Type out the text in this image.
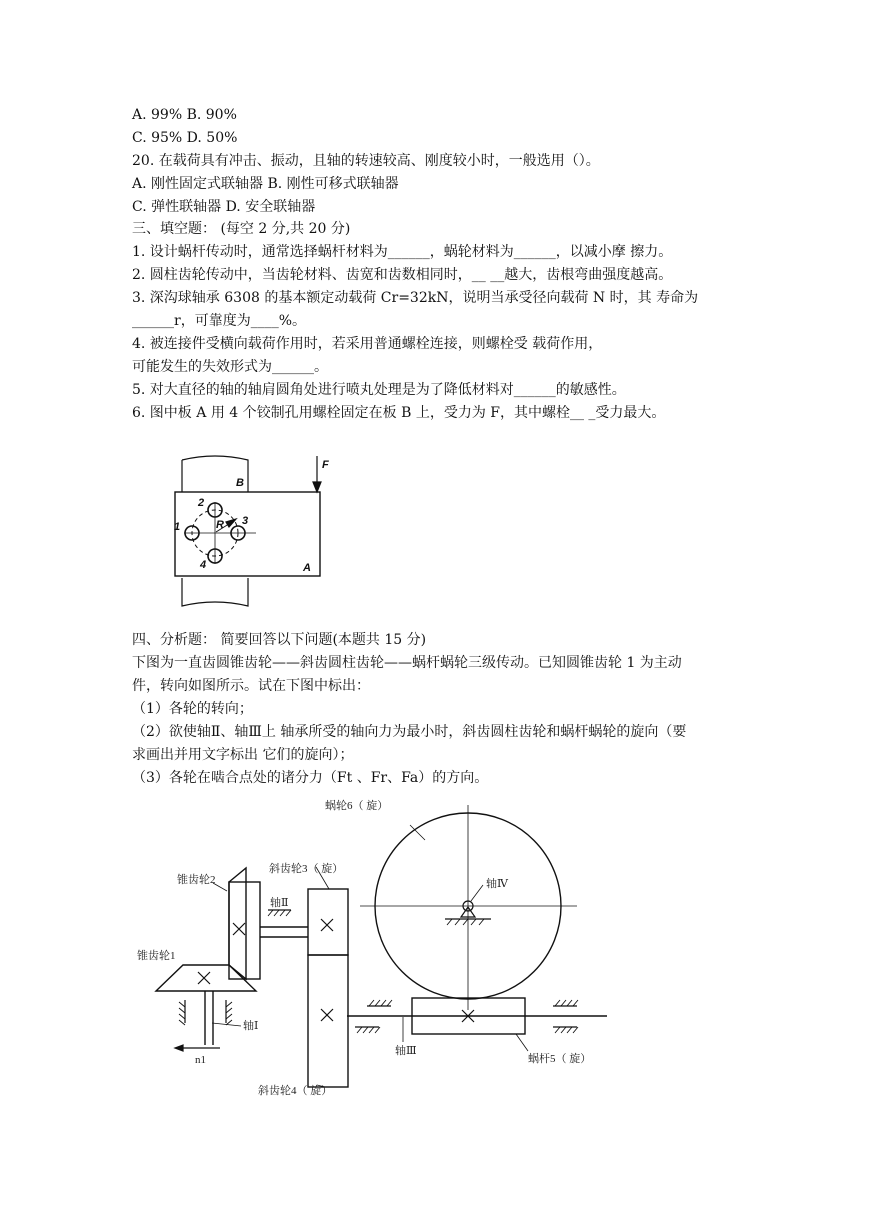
A. 99% B. 90%
C. 95% D. 50%
20. 在载荷具有冲击、振动，且轴的转速较高、刚度较小时，一般选用（）。
A. 刚性固定式联轴器 B. 刚性可移式联轴器
C. 弹性联轴器 D. 安全联轴器
三、填空题： (每空 2 分,共 20 分)
1. 设计蜗杆传动时，通常选择蜗杆材料为______，蜗轮材料为______，以减小摩 擦力。
2. 圆柱齿轮传动中，当齿轮材料、齿宽和齿数相同时，__ __越大，齿根弯曲强度越高。
3. 深沟球轴承 6308 的基本额定动载荷 Cr=32kN，说明当承受径向载荷 N 时，其 寿命为
______r，可靠度为____%。
4. 被连接件受横向载荷作用时，若采用普通螺栓连接，则螺栓受 载荷作用，
可能发生的失效形式为______。
5. 对大直径的轴的轴肩圆角处进行喷丸处理是为了降低材料对______的敏感性。
6. 图中板 A 用 4 个铰制孔用螺栓固定在板 B 上，受力为 F，其中螺栓__ _受力最大。
F
B
A
R
1
2
3
4
四、分析题： 简要回答以下问题(本题共 15 分)
下图为一直齿圆锥齿轮——斜齿圆柱齿轮——蜗杆蜗轮三级传动。已知圆锥齿轮 1 为主动
件，转向如图所示。试在下图中标出：
（1）各轮的转向；
（2）欲使轴Ⅱ、轴Ⅲ上 轴承所受的轴向力为最小时，斜齿圆柱齿轮和蜗杆蜗轮的旋向（要
求画出并用文字标出 它们的旋向）；
（3）各轮在啮合点处的诸分力（Ft 、Fr、Fa）的方向。
蜗轮6（ 旋）
斜齿轮3（ 旋）
锥齿轮2
轴Ⅱ
轴Ⅳ
锥齿轮1
轴Ⅰ
n1
轴Ⅲ
蜗杆5（ 旋）
斜齿轮4（ 旋）
